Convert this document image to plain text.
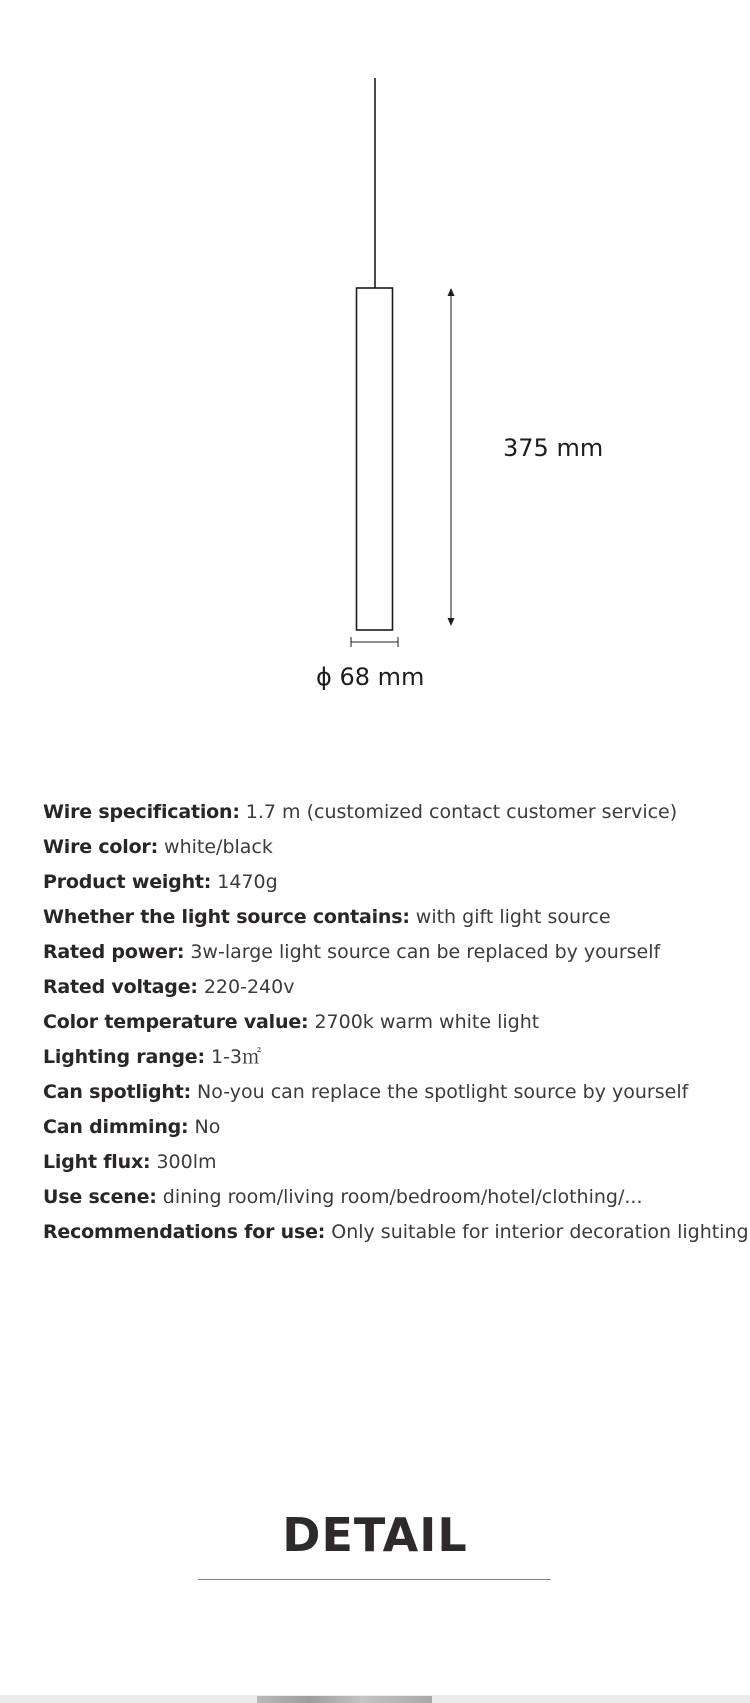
375 mm
ϕ 68 mm
Wire specification: 1.7 m (customized contact customer service)
Wire color: white/black
Product weight: 1470g
Whether the light source contains: with gift light source
Rated power: 3w-large light source can be replaced by yourself
Rated voltage: 220-240v
Color temperature value: 2700k warm white light
Lighting range: 1-3㎡
Can spotlight: No-you can replace the spotlight source by yourself
Can dimming: No
Light flux: 300lm
Use scene: dining room/living room/bedroom/hotel/clothing/...
Recommendations for use: Only suitable for interior decoration lighting
DETAIL
